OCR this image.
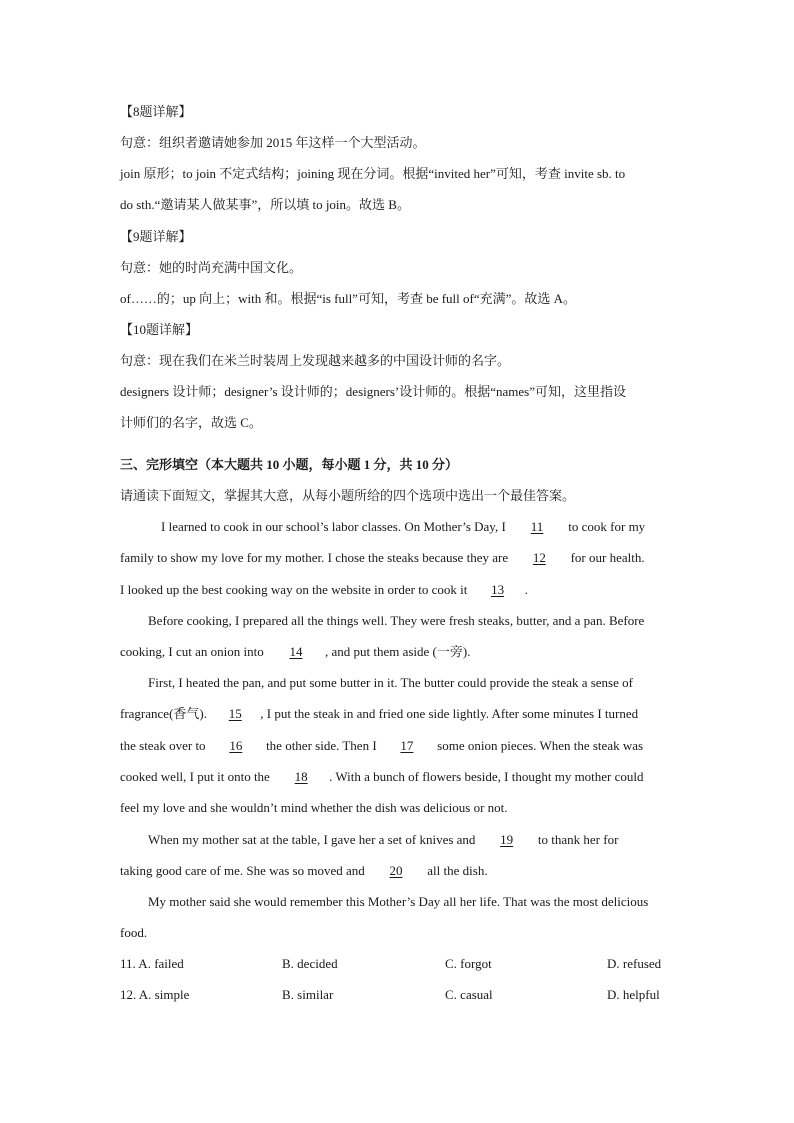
【8题详解】
句意：组织者邀请她参加 2015 年这样一个大型活动。
join 原形；to join 不定式结构；joining 现在分词。根据“invited her”可知，考查 invite sb. to
do sth.“邀请某人做某事”，所以填 to join。故选 B。
【9题详解】
句意：她的时尚充满中国文化。
of……的；up 向上；with 和。根据“is full”可知，考查 be full of“充满”。故选 A。
【10题详解】
句意：现在我们在米兰时装周上发现越来越多的中国设计师的名字。
designers 设计师；designer’s 设计师的；designers’设计师的。根据“names”可知，这里指设
计师们的名字，故选 C。
三、完形填空（本大题共 10 小题，每小题 1 分，共 10 分）
请通读下面短文，掌握其大意，从每小题所给的四个选项中选出一个最佳答案。
I learned to cook in our school’s labor classes. On Mother’s Day, I 11 to cook for my
family to show my love for my mother. I chose the steaks because they are 12 for our health.
I looked up the best cooking way on the website in order to cook it 13 .
Before cooking, I prepared all the things well. They were fresh steaks, butter, and a pan. Before
cooking, I cut an onion into 14 , and put them aside (一旁).
First, I heated the pan, and put some butter in it. The butter could provide the steak a sense of
fragrance(香气). 15 , I put the steak in and fried one side lightly. After some minutes I turned
the steak over to 16 the other side. Then I 17 some onion pieces. When the steak was
cooked well, I put it onto the 18 . With a bunch of flowers beside, I thought my mother could
feel my love and she wouldn’t mind whether the dish was delicious or not.
When my mother sat at the table, I gave her a set of knives and 19 to thank her for
taking good care of me. She was so moved and 20 all the dish.
My mother said she would remember this Mother’s Day all her life. That was the most delicious
food.
11. A. failed	B. decided	C. forgot	D. refused
12. A. simple	B. similar	C. casual	D. helpful
